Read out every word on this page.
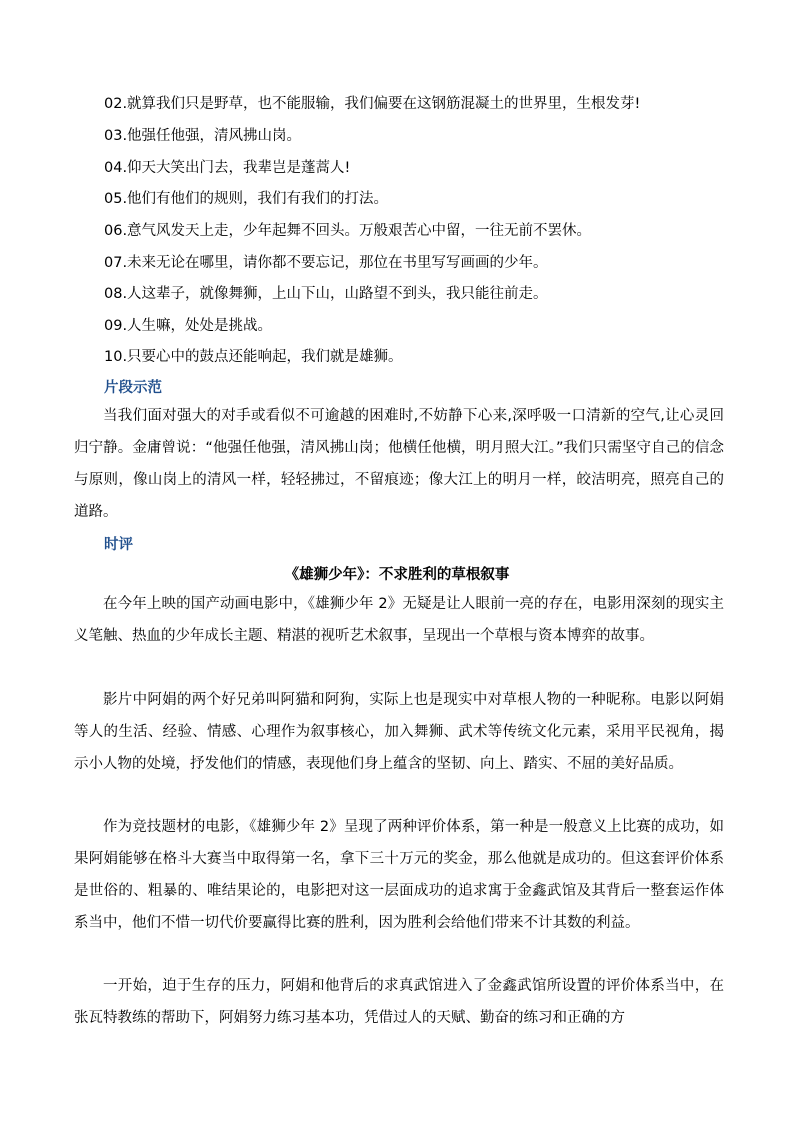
02.就算我们只是野草，也不能服输，我们偏要在这钢筋混凝土的世界里，生根发芽!
03.他强任他强，清风拂山岗。
04.仰天大笑出门去，我辈岂是蓬蒿人!
05.他们有他们的规则，我们有我们的打法。
06.意气风发天上走，少年起舞不回头。万般艰苦心中留，一往无前不罢休。
07.未来无论在哪里，请你都不要忘记，那位在书里写写画画的少年。
08.人这辈子，就像舞狮，上山下山，山路望不到头，我只能往前走。
09.人生嘛，处处是挑战。
10.只要心中的鼓点还能响起，我们就是雄狮。
片段示范

当我们面对强大的对手或看似不可逾越的困难时,不妨静下心来,深呼吸一口清新的空气,让心灵回归宁静。金庸曾说：“他强任他强，清风拂山岗；他横任他横，明月照大江。”我们只需坚守自己的信念与原则，像山岗上的清风一样，轻轻拂过，不留痕迹；像大江上的明月一样，皎洁明亮，照亮自己的道路。

时评
《雄狮少年》：不求胜利的草根叙事

在今年上映的国产动画电影中，《雄狮少年 2》无疑是让人眼前一亮的存在，电影用深刻的现实主义笔触、热血的少年成长主题、精湛的视听艺术叙事，呈现出一个草根与资本博弈的故事。

影片中阿娟的两个好兄弟叫阿猫和阿狗，实际上也是现实中对草根人物的一种昵称。电影以阿娟等人的生活、经验、情感、心理作为叙事核心，加入舞狮、武术等传统文化元素，采用平民视角，揭示小人物的处境，抒发他们的情感，表现他们身上蕴含的坚韧、向上、踏实、不屈的美好品质。

作为竞技题材的电影，《雄狮少年 2》呈现了两种评价体系，第一种是一般意义上比赛的成功，如果阿娟能够在格斗大赛当中取得第一名，拿下三十万元的奖金，那么他就是成功的。但这套评价体系是世俗的、粗暴的、唯结果论的，电影把对这一层面成功的追求寓于金鑫武馆及其背后一整套运作体系当中，他们不惜一切代价要赢得比赛的胜利，因为胜利会给他们带来不计其数的利益。

一开始，迫于生存的压力，阿娟和他背后的求真武馆进入了金鑫武馆所设置的评价体系当中，在张瓦特教练的帮助下，阿娟努力练习基本功，凭借过人的天赋、勤奋的练习和正确的方
